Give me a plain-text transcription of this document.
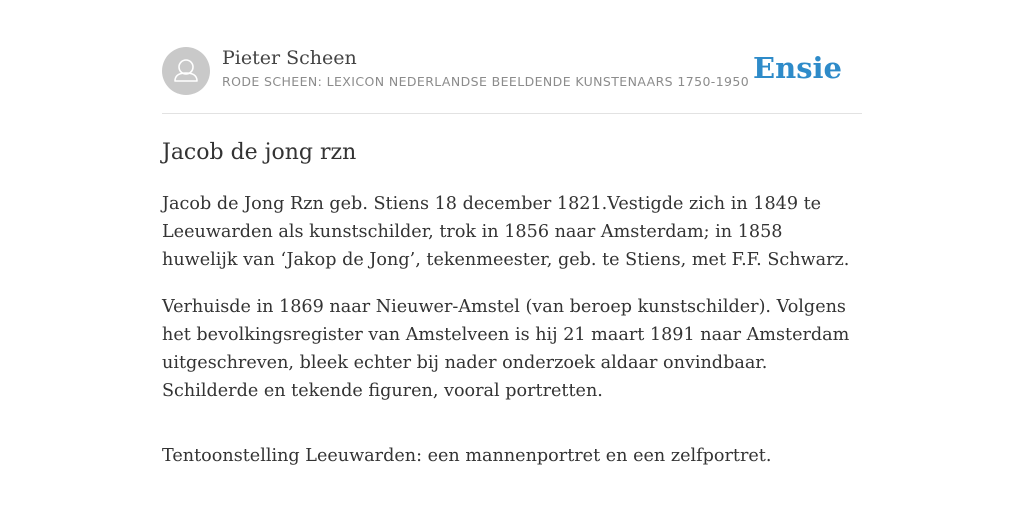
Pieter Scheen
RODE SCHEEN: LEXICON NEDERLANDSE BEELDENDE KUNSTENAARS 1750-1950 Ensie
Jacob de jong rzn

Jacob de Jong Rzn geb. Stiens 18 december 1821.Vestigde zich in 1849 te Leeuwarden als kunstschilder, trok in 1856 naar Amsterdam; in 1858 huwelijk van ‘Jakop de Jong’, tekenmeester, geb. te Stiens, met F.F. Schwarz.

Verhuisde in 1869 naar Nieuwer-Amstel (van beroep kunstschilder). Volgens het bevolkingsregister van Amstelveen is hij 21 maart 1891 naar Amsterdam uitgeschreven, bleek echter bij nader onderzoek aldaar onvindbaar. Schilderde en tekende figuren, vooral portretten.

Tentoonstelling Leeuwarden: een mannenportret en een zelfportret.
